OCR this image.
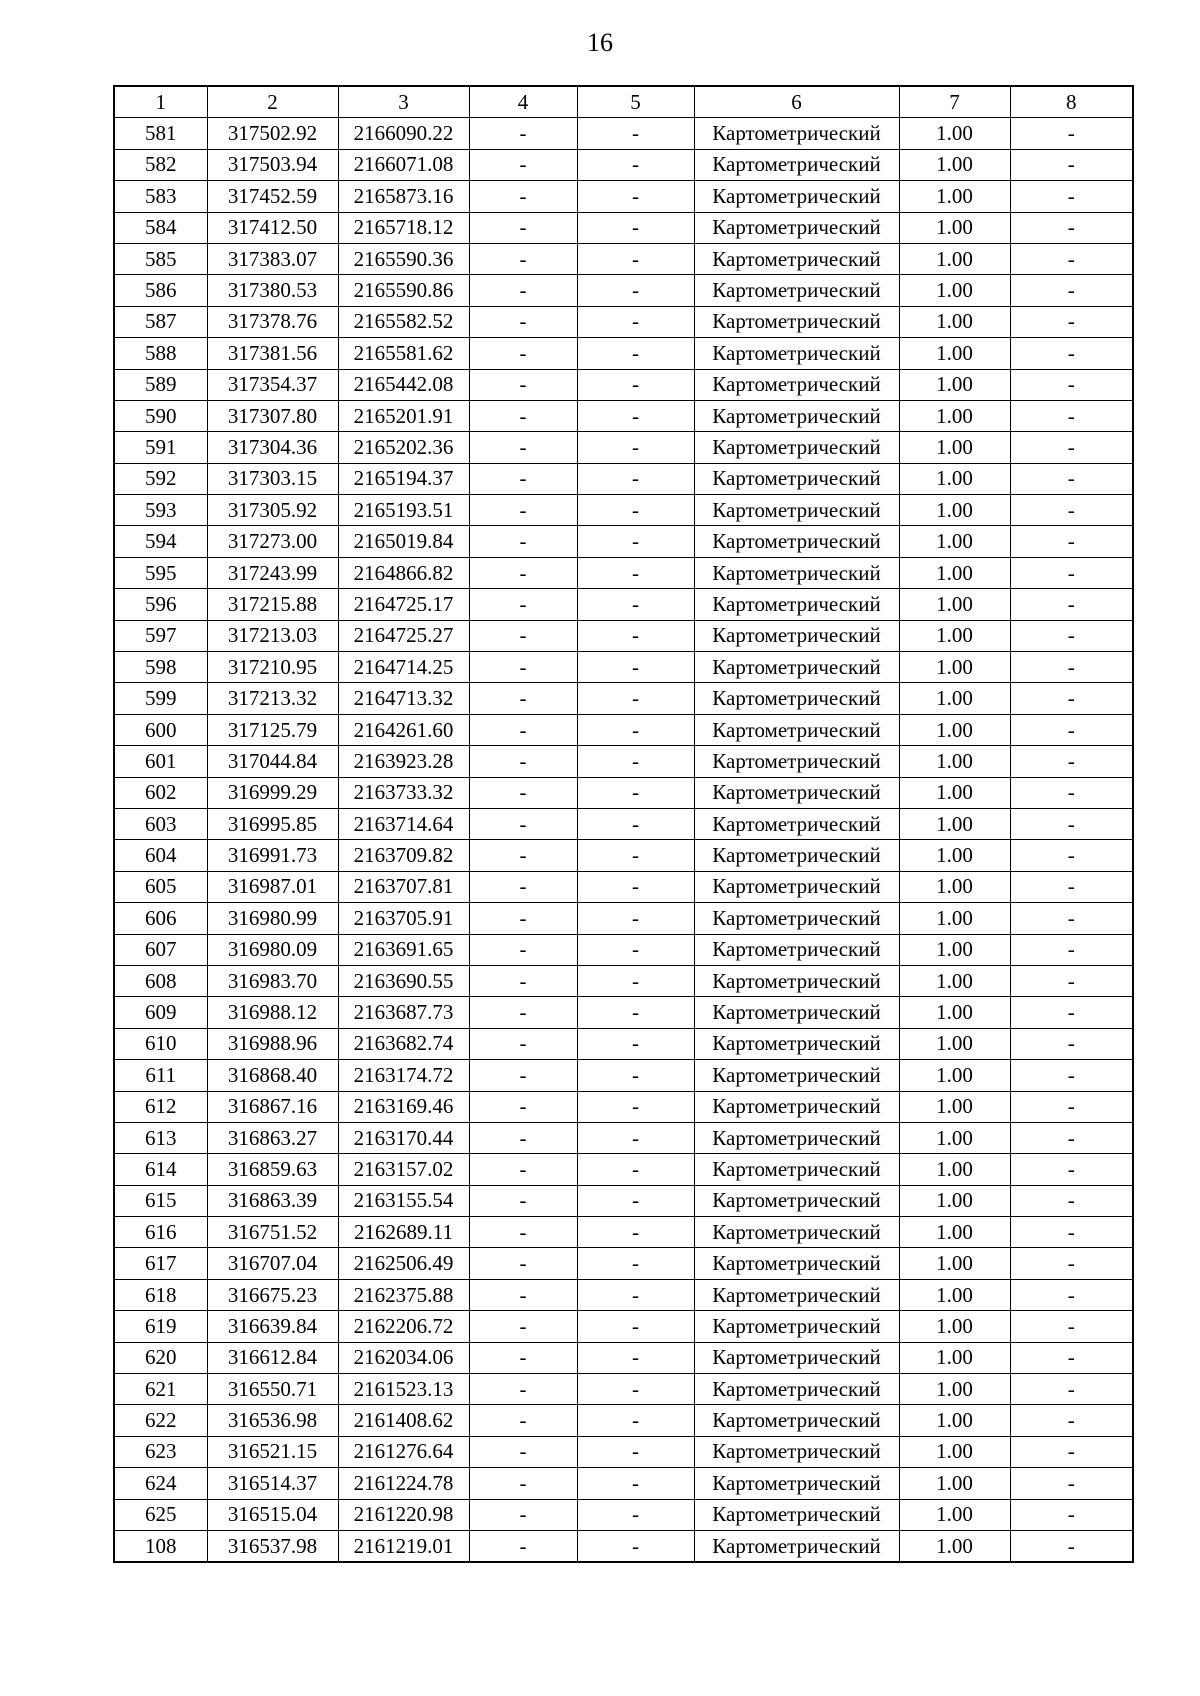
16
1	2	3	4	5	6	7	8
581	317502.92	2166090.22	-	-	Картометрический	1.00	-
582	317503.94	2166071.08	-	-	Картометрический	1.00	-
583	317452.59	2165873.16	-	-	Картометрический	1.00	-
584	317412.50	2165718.12	-	-	Картометрический	1.00	-
585	317383.07	2165590.36	-	-	Картометрический	1.00	-
586	317380.53	2165590.86	-	-	Картометрический	1.00	-
587	317378.76	2165582.52	-	-	Картометрический	1.00	-
588	317381.56	2165581.62	-	-	Картометрический	1.00	-
589	317354.37	2165442.08	-	-	Картометрический	1.00	-
590	317307.80	2165201.91	-	-	Картометрический	1.00	-
591	317304.36	2165202.36	-	-	Картометрический	1.00	-
592	317303.15	2165194.37	-	-	Картометрический	1.00	-
593	317305.92	2165193.51	-	-	Картометрический	1.00	-
594	317273.00	2165019.84	-	-	Картометрический	1.00	-
595	317243.99	2164866.82	-	-	Картометрический	1.00	-
596	317215.88	2164725.17	-	-	Картометрический	1.00	-
597	317213.03	2164725.27	-	-	Картометрический	1.00	-
598	317210.95	2164714.25	-	-	Картометрический	1.00	-
599	317213.32	2164713.32	-	-	Картометрический	1.00	-
600	317125.79	2164261.60	-	-	Картометрический	1.00	-
601	317044.84	2163923.28	-	-	Картометрический	1.00	-
602	316999.29	2163733.32	-	-	Картометрический	1.00	-
603	316995.85	2163714.64	-	-	Картометрический	1.00	-
604	316991.73	2163709.82	-	-	Картометрический	1.00	-
605	316987.01	2163707.81	-	-	Картометрический	1.00	-
606	316980.99	2163705.91	-	-	Картометрический	1.00	-
607	316980.09	2163691.65	-	-	Картометрический	1.00	-
608	316983.70	2163690.55	-	-	Картометрический	1.00	-
609	316988.12	2163687.73	-	-	Картометрический	1.00	-
610	316988.96	2163682.74	-	-	Картометрический	1.00	-
611	316868.40	2163174.72	-	-	Картометрический	1.00	-
612	316867.16	2163169.46	-	-	Картометрический	1.00	-
613	316863.27	2163170.44	-	-	Картометрический	1.00	-
614	316859.63	2163157.02	-	-	Картометрический	1.00	-
615	316863.39	2163155.54	-	-	Картометрический	1.00	-
616	316751.52	2162689.11	-	-	Картометрический	1.00	-
617	316707.04	2162506.49	-	-	Картометрический	1.00	-
618	316675.23	2162375.88	-	-	Картометрический	1.00	-
619	316639.84	2162206.72	-	-	Картометрический	1.00	-
620	316612.84	2162034.06	-	-	Картометрический	1.00	-
621	316550.71	2161523.13	-	-	Картометрический	1.00	-
622	316536.98	2161408.62	-	-	Картометрический	1.00	-
623	316521.15	2161276.64	-	-	Картометрический	1.00	-
624	316514.37	2161224.78	-	-	Картометрический	1.00	-
625	316515.04	2161220.98	-	-	Картометрический	1.00	-
108	316537.98	2161219.01	-	-	Картометрический	1.00	-
